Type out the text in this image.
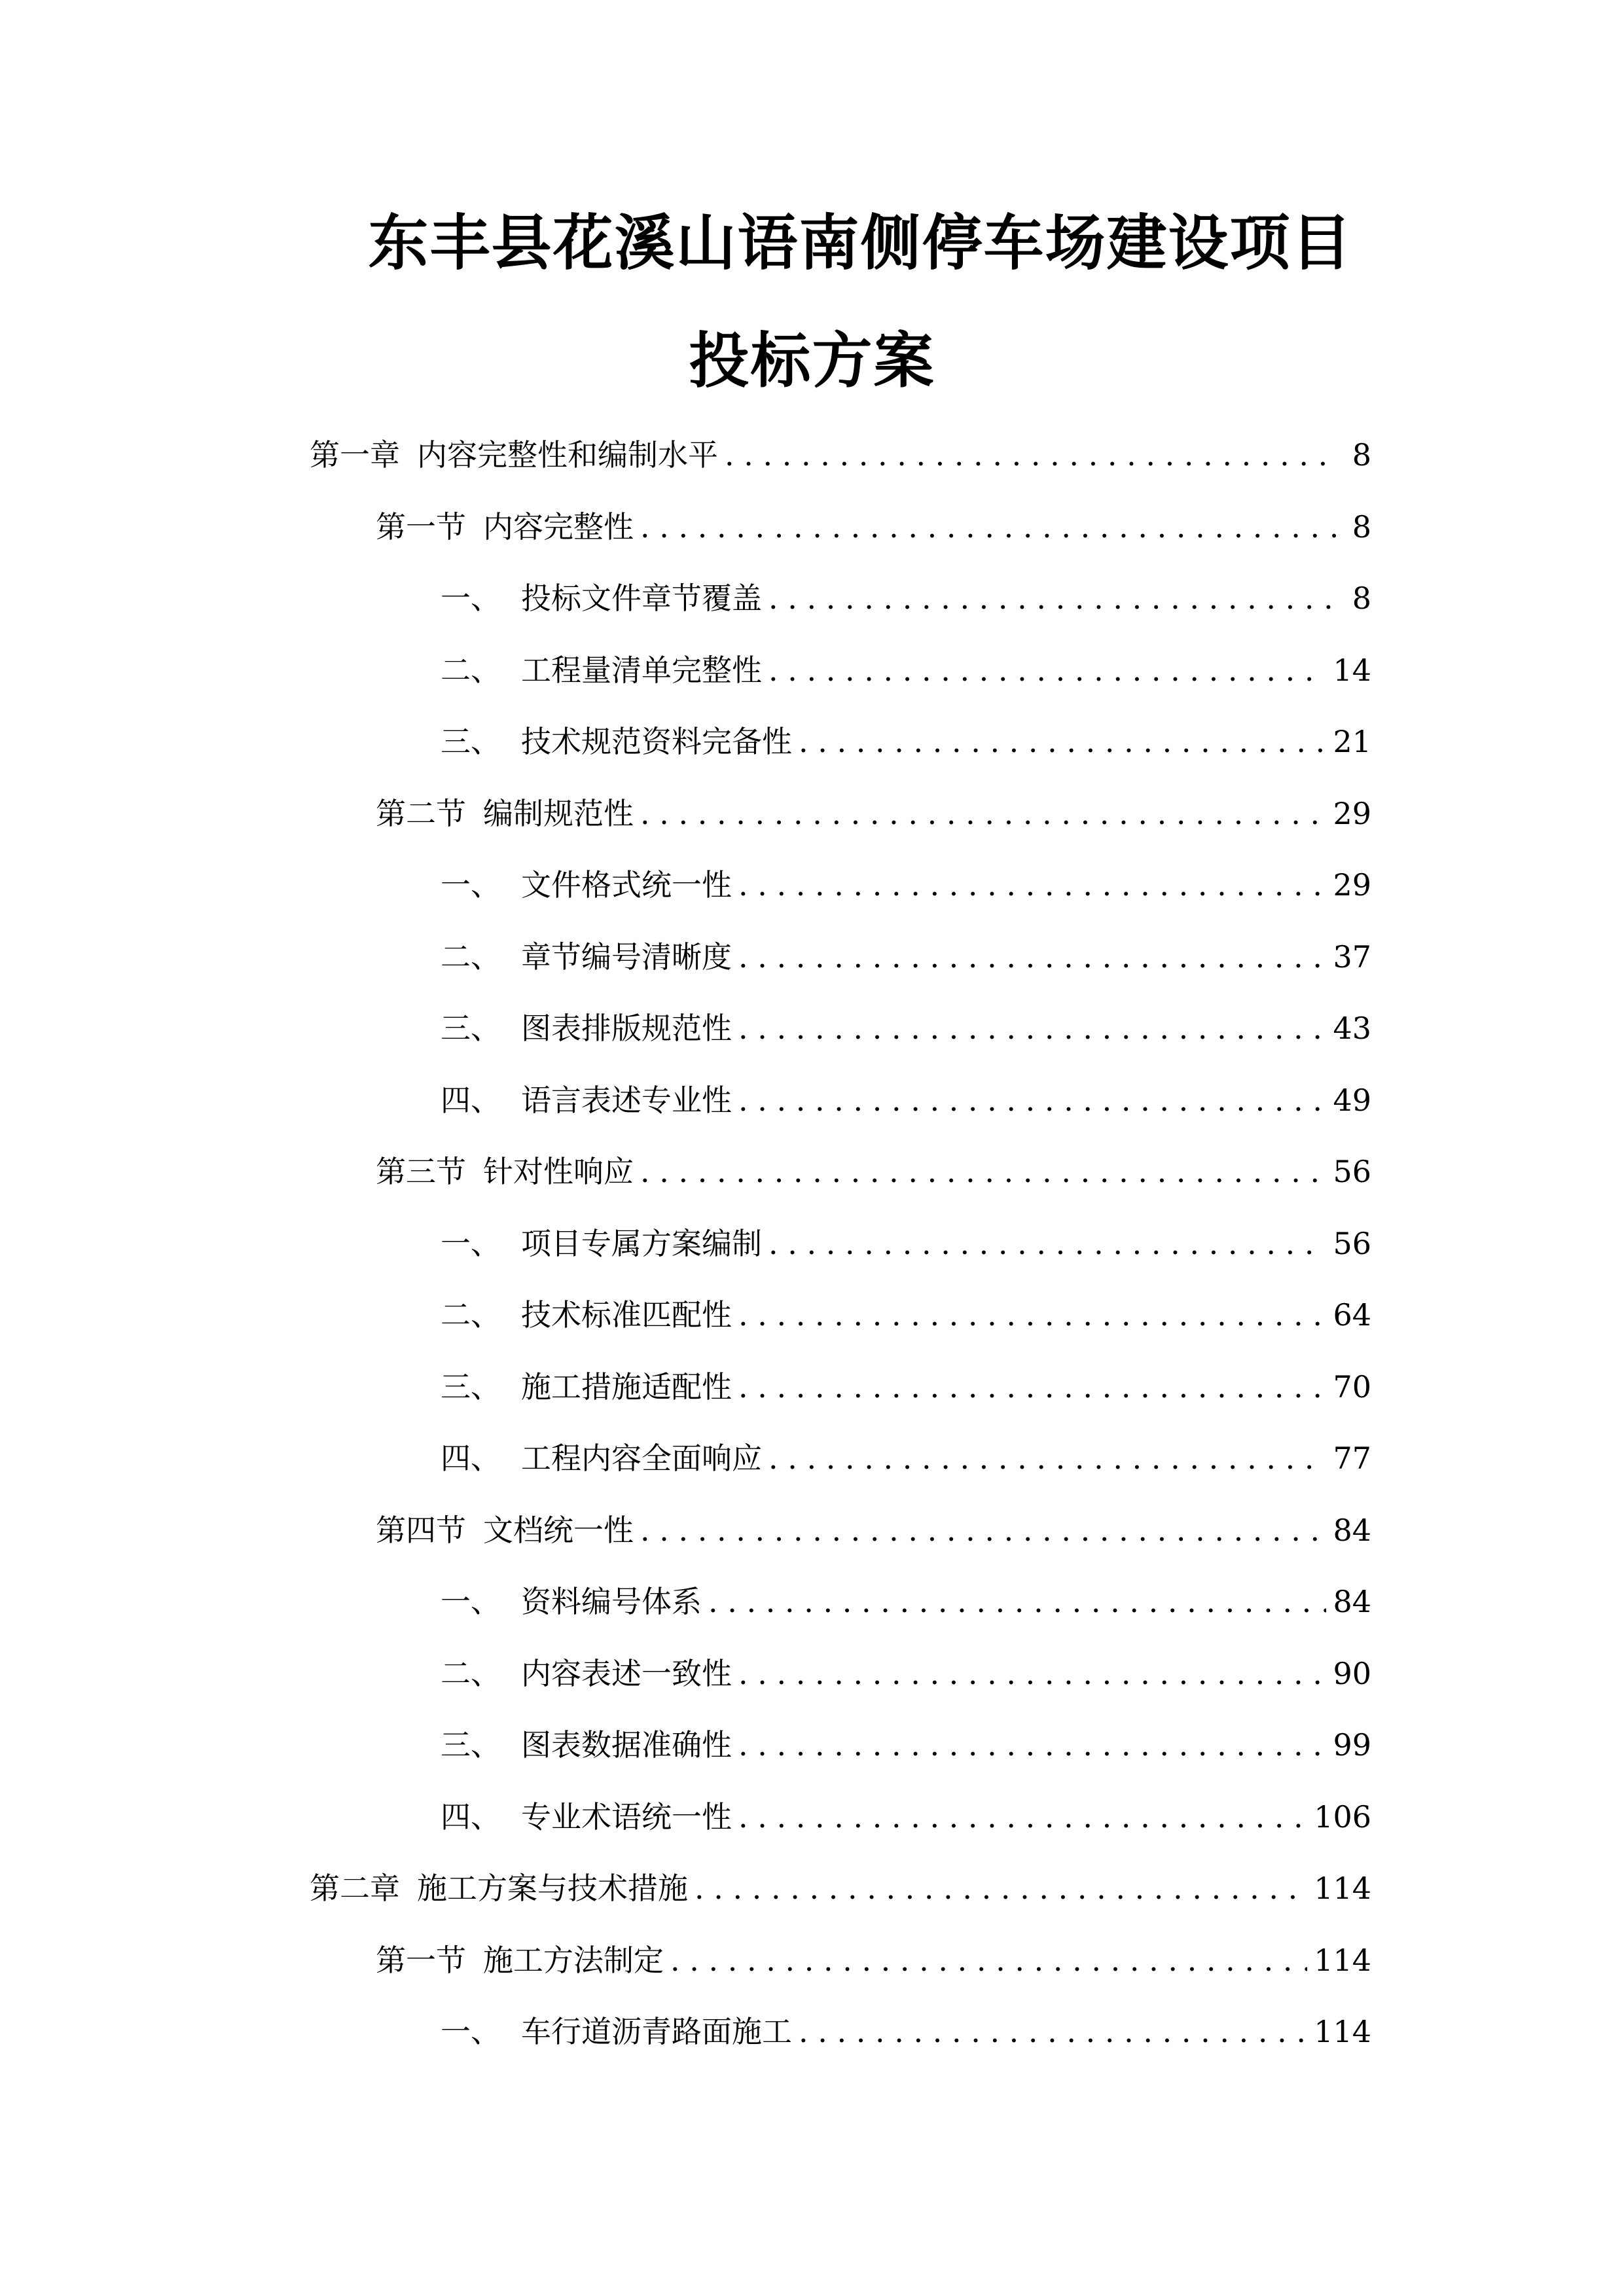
东丰县花溪山语南侧停车场建设项目
投标方案
第一章 内容完整性和编制水平 . . .	8
第一节 内容完整性 . . .	8
一、 投标文件章节覆盖 . . .	8
二、 工程量清单完整性 . . .	14
三、 技术规范资料完备性 . . .	21
第二节 编制规范性 . . .	29
一、 文件格式统一性 . . .	29
二、 章节编号清晰度 . . .	37
三、 图表排版规范性 . . .	43
四、 语言表述专业性 . . .	49
第三节 针对性响应 . . .	56
一、 项目专属方案编制 . . .	56
二、 技术标准匹配性 . . .	64
三、 施工措施适配性 . . .	70
四、 工程内容全面响应 . . .	77
第四节 文档统一性 . . .	84
一、 资料编号体系 . . .	84
二、 内容表述一致性 . . .	90
三、 图表数据准确性 . . .	99
四、 专业术语统一性 . . .	106
第二章 施工方案与技术措施 . . .	114
第一节 施工方法制定 . . .	114
一、 车行道沥青路面施工 . . .	114
